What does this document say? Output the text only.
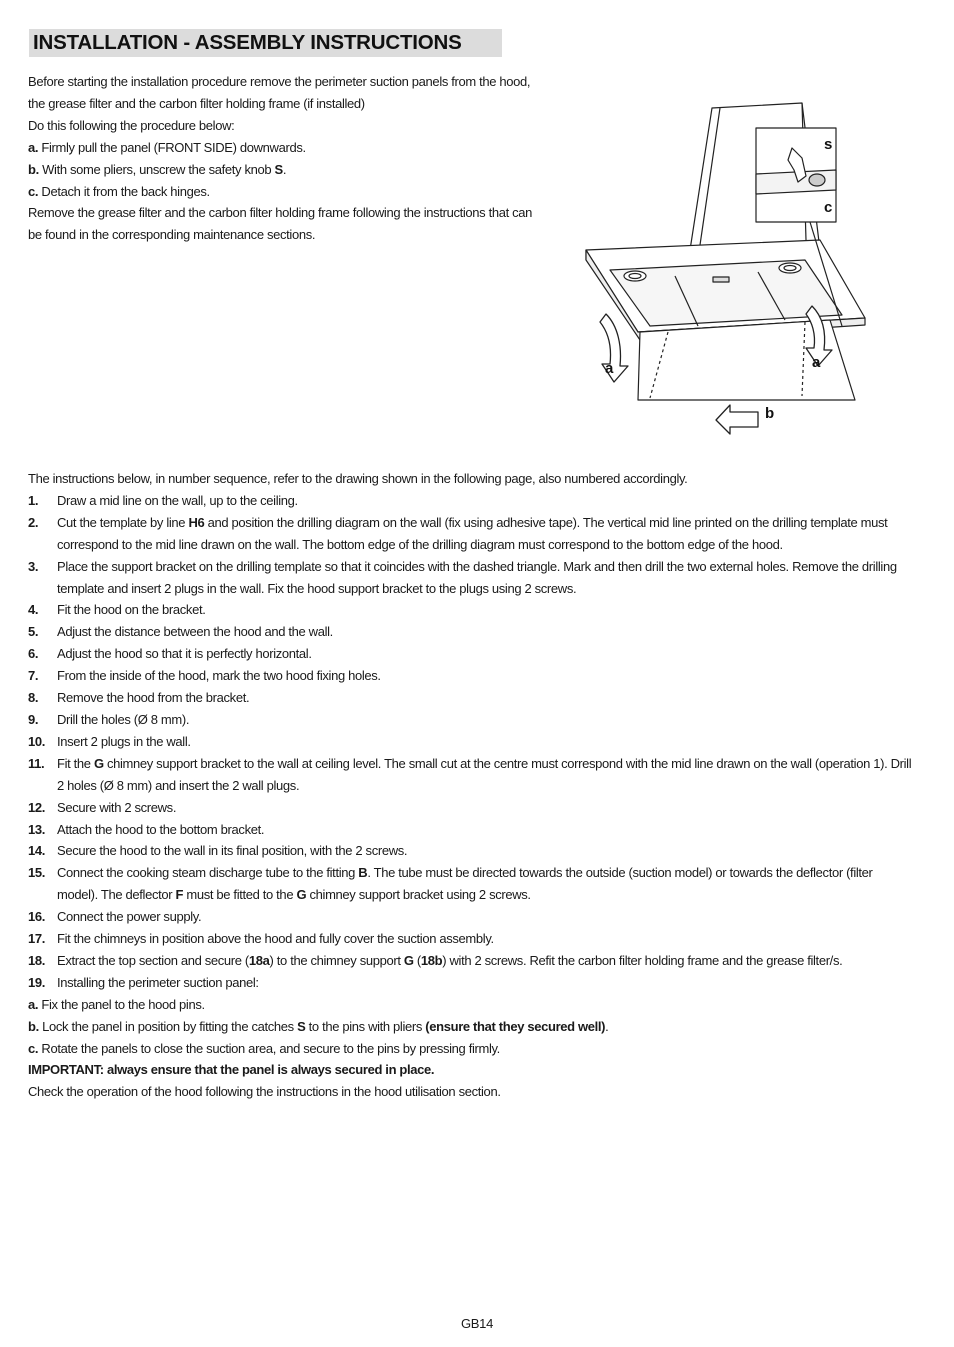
INSTALLATION - ASSEMBLY INSTRUCTIONS

Before starting the installation procedure remove the perimeter suction panels from the hood,

the grease filter and the carbon filter holding frame (if installed)

Do this following the procedure below:

a. Firmly pull the panel (FRONT SIDE) downwards.

b. With some pliers, unscrew the safety knob S.

c. Detach it from the back hinges.

Remove the grease filter and the carbon filter holding frame following the instructions that can

be found in the corresponding maintenance sections.

s
c
a	a
b

The instructions below, in number sequence, refer to the drawing shown in the following page, also numbered accordingly.

1.	Draw a mid line on the wall, up to the ceiling.
2.	Cut the template by line H6 and position the drilling diagram on the wall (fix using adhesive tape). The vertical mid line printed on the drilling template must correspond to the mid line drawn on the wall. The bottom edge of the drilling diagram must correspond to the bottom edge of the hood.
3.	Place the support bracket on the drilling template so that it coincides with the dashed triangle. Mark and then drill the two external holes. Remove the drilling template and insert 2 plugs in the wall. Fix the hood support bracket to the plugs using 2 screws.
4.	Fit the hood on the bracket.
5.	Adjust the distance between the hood and the wall.
6.	Adjust the hood so that it is perfectly horizontal.
7.	From the inside of the hood, mark the two hood fixing holes.
8.	Remove the hood from the bracket.
9.	Drill the holes (Ø 8 mm).
10. Insert 2 plugs in the wall.
11. Fit the G chimney support bracket to the wall at ceiling level. The small cut at the centre must correspond with the mid line drawn on the wall (operation 1). Drill 2 holes (Ø 8 mm) and insert the 2 wall plugs.
12. Secure with 2 screws.
13. Attach the hood to the bottom bracket.
14. Secure the hood to the wall in its final position, with the 2 screws.
15. Connect the cooking steam discharge tube to the fitting B. The tube must be directed towards the outside (suction model) or towards the deflector (filter model). The deflector F must be fitted to the G chimney support bracket using 2 screws.
16. Connect the power supply.
17. Fit the chimneys in position above the hood and fully cover the suction assembly.
18. Extract the top section and secure (18a) to the chimney support G (18b) with 2 screws. Refit the carbon filter holding frame and the grease filter/s.
19. Installing the perimeter suction panel:

a. Fix the panel to the hood pins.

b. Lock the panel in position by fitting the catches S to the pins with pliers (ensure that they secured well).

c. Rotate the panels to close the suction area, and secure to the pins by pressing firmly.

IMPORTANT: always ensure that the panel is always secured in place.

Check the operation of the hood following the instructions in the hood utilisation section.

GB14
